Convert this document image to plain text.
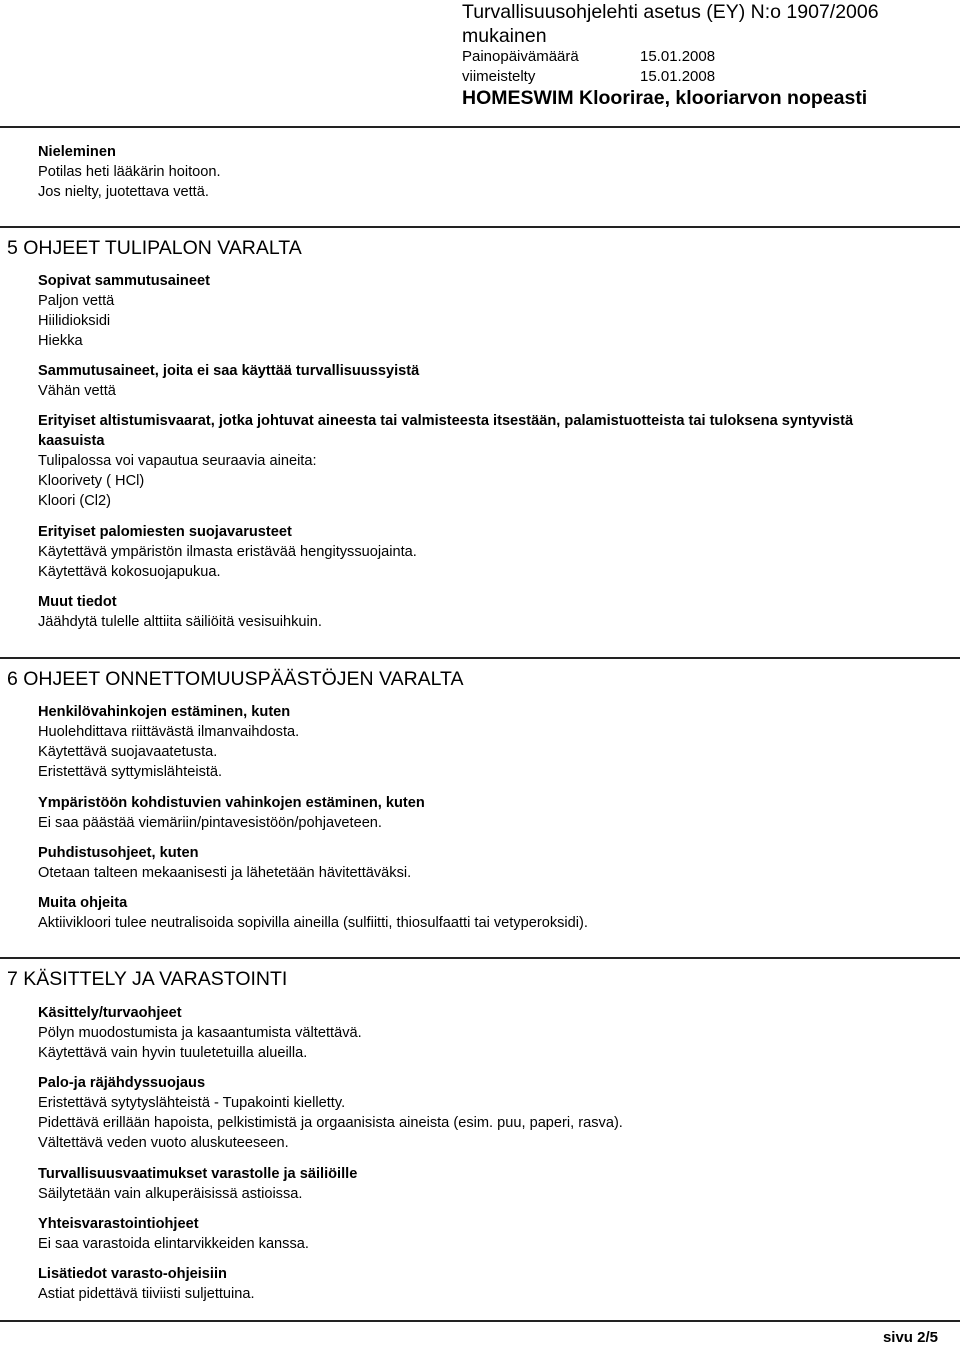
Turvallisuusohjelehti asetus (EY) N:o 1907/2006
mukainen
Painopäivämäärä	15.01.2008
viimeistelty	15.01.2008
HOMESWIM Kloorirae, klooriarvon nopeasti

Nieleminen

Potilas heti lääkärin hoitoon.

Jos nielty, juotettava vettä.

5 OHJEET TULIPALON VARALTA

Sopivat sammutusaineet

Paljon vettä

Hiilidioksidi

Hiekka

Sammutusaineet, joita ei saa käyttää turvallisuussyistä

Vähän vettä

Erityiset altistumisvaarat, jotka johtuvat aineesta tai valmisteesta itsestään, palamistuotteista tai tuloksena syntyvistä

kaasuista

Tulipalossa voi vapautua seuraavia aineita:

Kloorivety ( HCl)

Kloori (Cl2)

Erityiset palomiesten suojavarusteet

Käytettävä ympäristön ilmasta eristävää hengityssuojainta.

Käytettävä kokosuojapukua.

Muut tiedot

Jäähdytä tulelle alttiita säiliöitä vesisuihkuin.

6 OHJEET ONNETTOMUUSPÄÄSTÖJEN VARALTA

Henkilövahinkojen estäminen, kuten

Huolehdittava riittävästä ilmanvaihdosta.

Käytettävä suojavaatetusta.

Eristettävä syttymislähteistä.

Ympäristöön kohdistuvien vahinkojen estäminen, kuten

Ei saa päästää viemäriin/pintavesistöön/pohjaveteen.

Puhdistusohjeet, kuten

Otetaan talteen mekaanisesti ja lähetetään hävitettäväksi.

Muita ohjeita

Aktiivikloori tulee neutralisoida sopivilla aineilla (sulfiitti, thiosulfaatti tai vetyperoksidi).

7 KÄSITTELY JA VARASTOINTI

Käsittely/turvaohjeet

Pölyn muodostumista ja kasaantumista vältettävä.

Käytettävä vain hyvin tuuletetuilla alueilla.

Palo-ja räjähdyssuojaus

Eristettävä sytytyslähteistä - Tupakointi kielletty.

Pidettävä erillään hapoista, pelkistimistä ja orgaanisista aineista (esim. puu, paperi, rasva).

Vältettävä veden vuoto aluskuteeseen.

Turvallisuusvaatimukset varastolle ja säiliöille

Säilytetään vain alkuperäisissä astioissa.

Yhteisvarastointiohjeet

Ei saa varastoida elintarvikkeiden kanssa.

Lisätiedot varasto-ohjeisiin

Astiat pidettävä tiiviisti suljettuina.

sivu 2/5
